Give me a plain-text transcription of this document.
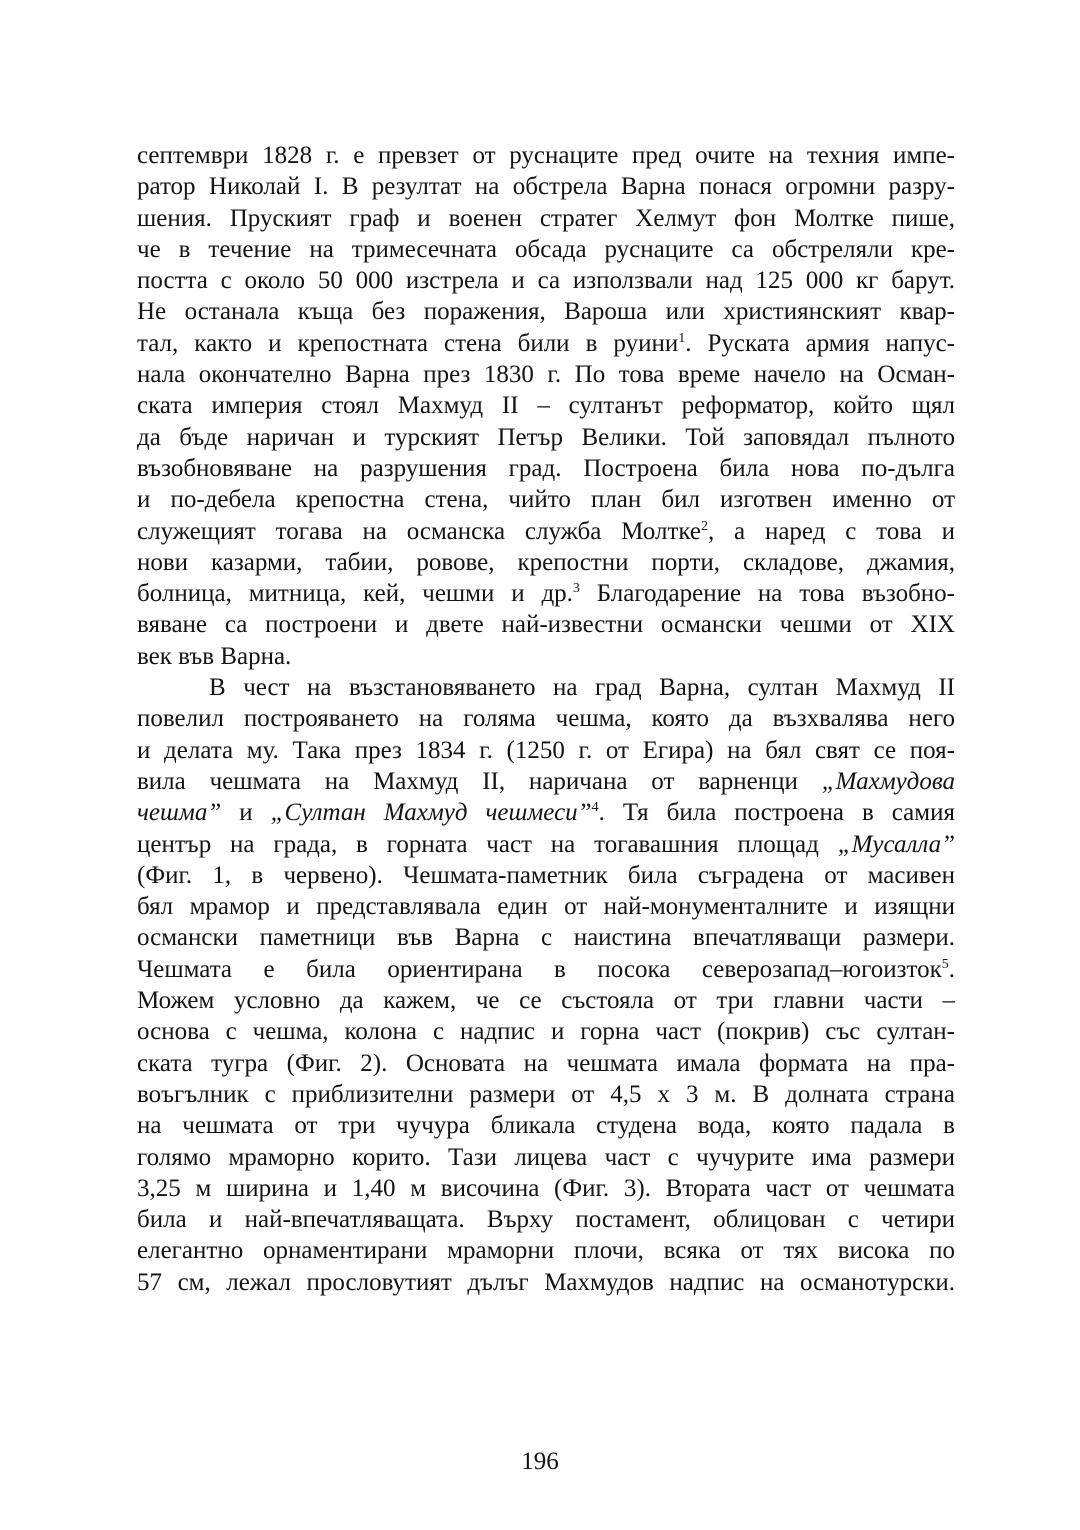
септември 1828 г. е превзет от руснаците пред очите на техния импе-
ратор Николай I. В резултат на обстрела Варна понася огромни разру-
шения. Пруският граф и военен стратег Хелмут фон Молтке пише,
че в течение на тримесечната обсада руснаците са обстреляли кре-
постта с около 50 000 изстрела и са използвали над 125 000 кг барут.
Не останала къща без поражения, Вароша или християнският квар-
тал, както и крепостната стена били в руини$^1$. Руската армия напус-
нала окончателно Варна през 1830 г. По това време начело на Осман-
ската империя стоял Махмуд II – султанът реформатор, който щял
да бъде наричан и турският Петър Велики. Той заповядал пълното
възобновяване на разрушения град. Построена била нова по-дълга
и по-дебела крепостна стена, чийто план бил изготвен именно от
служещият тогава на османска служба Молтке$^2$, а наред с това и
нови казарми, табии, ровове, крепостни порти, складове, джамия,
болница, митница, кей, чешми и др.$^3$ Благодарение на това възобно-
вяване са построени и двете най-известни османски чешми от XIX
век във Варна.
В чест на възстановяването на град Варна, султан Махмуд II
повелил построяването на голяма чешма, която да възхвалява него
и делата му. Така през 1834 г. (1250 г. от Егира) на бял свят се поя-
вила чешмата на Махмуд II, наричана от варненци „Махмудова
чешма” и „Султан Махмуд чешмеси”$^4$. Тя била построена в самия
център на града, в горната част на тогавашния площад „Мусалла”
(Фиг. 1, в червено). Чешмата-паметник била съградена от масивен
бял мрамор и представлявала един от най-монументалните и изящни
османски паметници във Варна с наистина впечатляващи размери.
Чешмата е била ориентирана в посока северозапад–югоизток$^5$.
Можем условно да кажем, че се състояла от три главни части –
основа с чешма, колона с надпис и горна част (покрив) със султан-
ската тугра (Фиг. 2). Основата на чешмата имала формата на пра-
воъгълник с приблизителни размери от 4,5 х 3 м. В долната страна
на чешмата от три чучура бликала студена вода, която падала в
голямо мраморно корито. Тази лицева част с чучурите има размери
3,25 м ширина и 1,40 м височина (Фиг. 3). Втората част от чешмата
била и най-впечатляващата. Върху постамент, облицован с четири
елегантно орнаментирани мраморни плочи, всяка от тях висока по
57 см, лежал прословутият дълъг Махмудов надпис на османотурски.
196
